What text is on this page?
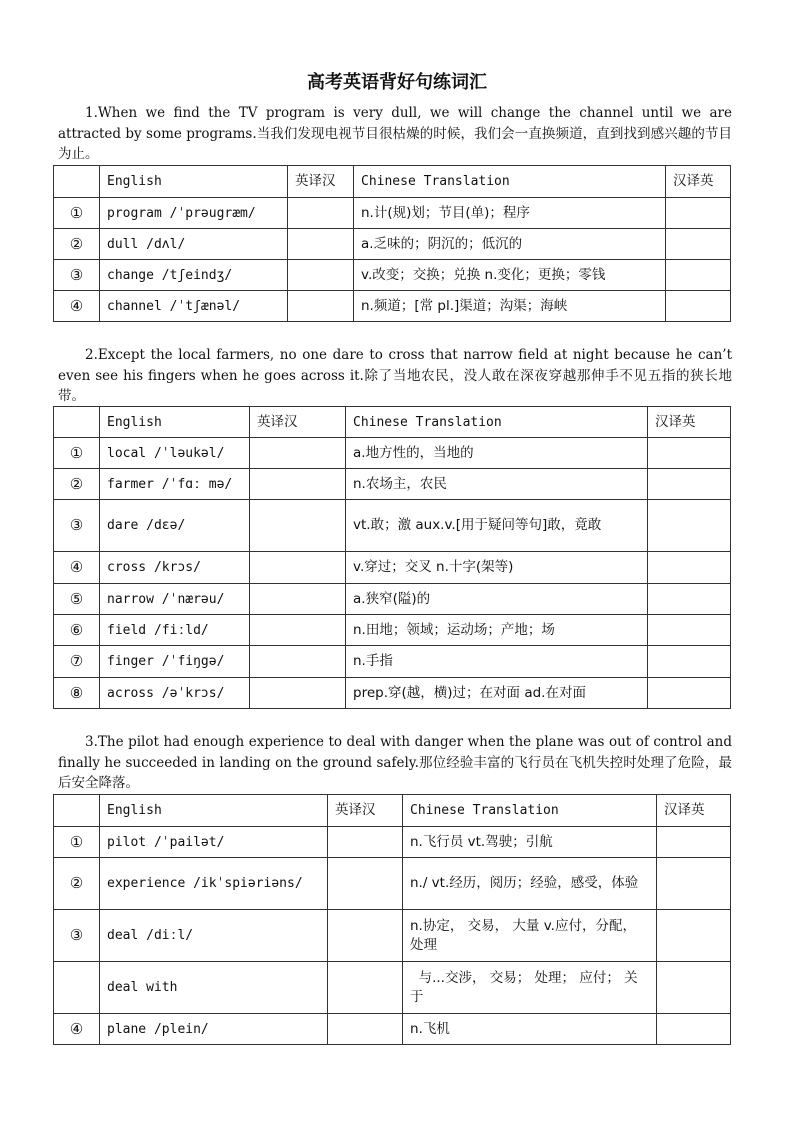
高考英语背好句练词汇
1.When we find the TV program is very dull, we will change the channel until we are attracted by some programs.当我们发现电视节目很枯燥的时候，我们会一直换频道，直到找到感兴趣的节目为止。
	English	英译汉	Chinese Translation	汉译英
①	program /ˈprəugræm/		n.计(规)划；节目(单)；程序	
②	dull /dʌl/		a.乏味的；阴沉的；低沉的	
③	change /tʃeindʒ/		v.改变；交换；兑换 n.变化；更换；零钱	
④	channel /ˈtʃænəl/		n.频道；[常 pl.]渠道；沟渠；海峡	
2.Except the local farmers, no one dare to cross that narrow field at night because he can’t even see his fingers when he goes across it.除了当地农民，没人敢在深夜穿越那伸手不见五指的狭长地带。
	English	英译汉	Chinese Translation	汉译英
①	local /ˈləukəl/		a.地方性的，当地的	
②	farmer /ˈfɑː mə/		n.农场主，农民	
③	dare /dɛə/		vt.敢；激 aux.v.[用于疑问等句]敢，竟敢	
④	cross /krɔs/		v.穿过；交叉 n.十字(架等)	
⑤	narrow /ˈnærəu/		a.狭窄(隘)的	
⑥	field /fiːld/		n.田地；领域；运动场；产地；场	
⑦	finger /ˈfiŋgə/		n.手指	
⑧	across /əˈkrɔs/		prep.穿(越，横)过；在对面 ad.在对面	
3.The pilot had enough experience to deal with danger when the plane was out of control and finally he succeeded in landing on the ground safely.那位经验丰富的飞行员在飞机失控时处理了危险，最后安全降落。
	English	英译汉	Chinese Translation	汉译英
①	pilot /ˈpailət/		n.飞行员 vt.驾驶；引航	
②	experience /ikˈspiəriəns/		n./ vt.经历，阅历；经验，感受，体验	
③	deal /diːl/		n.协定， 交易， 大量 v.应付，分配， 处理	
	deal with		与...交涉， 交易； 处理； 应付； 关于	
④	plane /plein/		n.飞机	
